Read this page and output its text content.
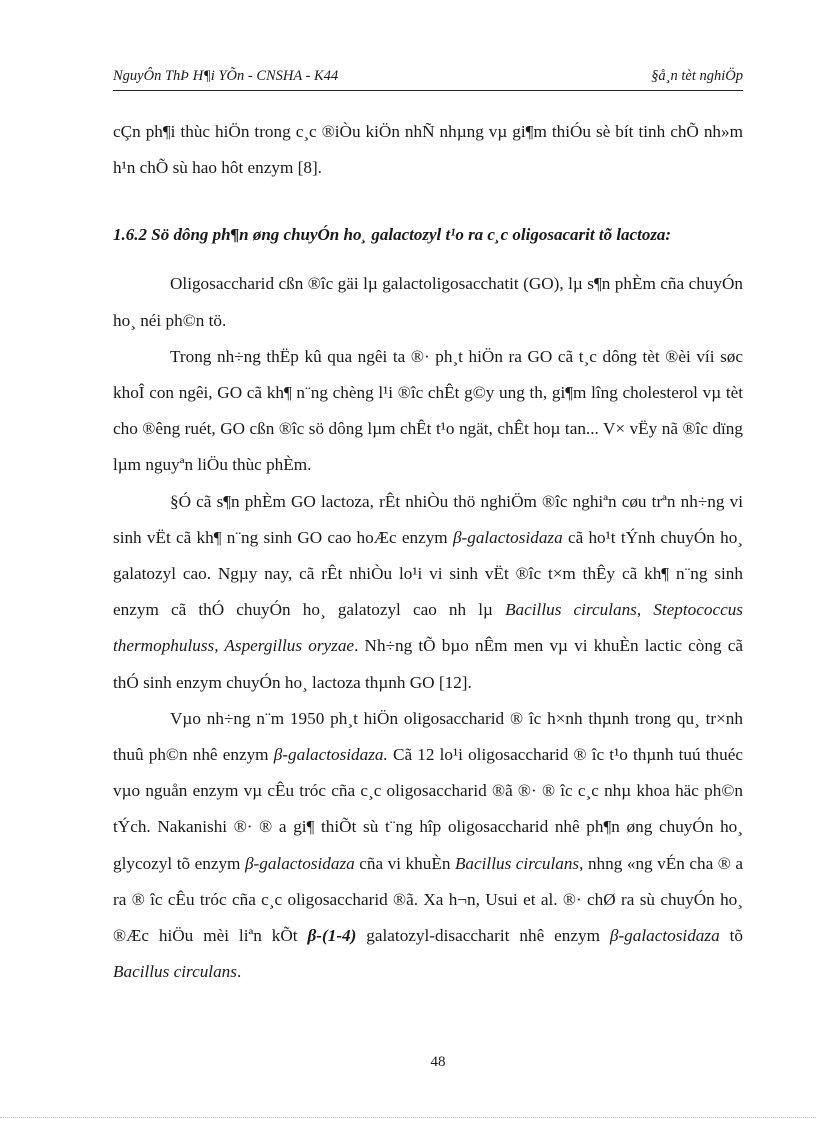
NguyÔn ThÞ H¶i YÕn - CNSHA - K44	§å¸n tèt nghiÖp

cÇn ph¶i thùc hiÖn trong c¸c ®iÒu kiÖn nhÑ nhµng vµ gi¶m thiÓu sè bít tinh chÕ nh»m h¹n chÕ sù hao hôt enzym [8].

1.6.2 Sö dông ph¶n øng chuyÓn ho¸ galactozyl t¹o ra c¸c oligosacarit tõ lactoza:

Oligosaccharid cßn ®îc gäi lµ galactoligosacchatit (GO), lµ s¶n phÈm cña chuyÓn ho¸ néi ph©n tö.

Trong nh÷ng thËp kû qua ngêi ta ®· ph¸t hiÖn ra GO cã t¸c dông tèt ®èi víi søc khoÎ con ngêi, GO cã kh¶ n¨ng chèng l¹i ®îc chÊt g©y ung th, gi¶m lîng cholesterol vµ tèt cho ®êng ruét, GO cßn ®îc sö dông lµm chÊt t¹o ngät, chÊt hoµ tan... V× vËy nã ®îc dïng lµm nguyªn liÖu thùc phÈm.

§Ó cã s¶n phÈm GO lactoza, rÊt nhiÒu thö nghiÖm ®îc nghiªn cøu trªn nh÷ng vi sinh vËt cã kh¶ n¨ng sinh GO cao hoÆc enzym β-galactosidaza cã ho¹t tÝnh chuyÓn ho¸ galatozyl cao. Ngµy nay, cã rÊt nhiÒu lo¹i vi sinh vËt ®îc t×m thÊy cã kh¶ n¨ng sinh enzym cã thÓ chuyÓn ho¸ galatozyl cao nh lµ Bacillus circulans, Steptococcus thermophuluss, Aspergillus oryzae. Nh÷ng tÕ bµo nÊm men vµ vi khuÈn lactic còng cã thÓ sinh enzym chuyÓn ho¸ lactoza thµnh GO [12].

Vµo nh÷ng n¨m 1950 ph¸t hiÖn oligosaccharid ® îc h×nh thµnh trong qu¸ tr×nh thuû ph©n nhê enzym β-galactosidaza. Cã 12 lo¹i oligosaccharid ® îc t¹o thµnh tuú thuéc vµo nguån enzym vµ cÊu tróc cña c¸c oligosaccharid ®ã ®· ® îc c¸c nhµ khoa häc ph©n tÝch. Nakanishi ®· ® a gi¶ thiÕt sù t¨ng hîp oligosaccharid nhê ph¶n øng chuyÓn ho¸ glycozyl tõ enzym β-galactosidaza cña vi khuÈn Bacillus circulans, nhng «ng vÉn cha ® a ra ® îc cÊu tróc cña c¸c oligosaccharid ®ã. Xa h¬n, Usui et al. ®· chØ ra sù chuyÓn ho¸ ®Æc hiÖu mèi liªn kÕt β-(1-4) galatozyl-disaccharit nhê enzym β-galactosidaza tõ Bacillus circulans.

48
